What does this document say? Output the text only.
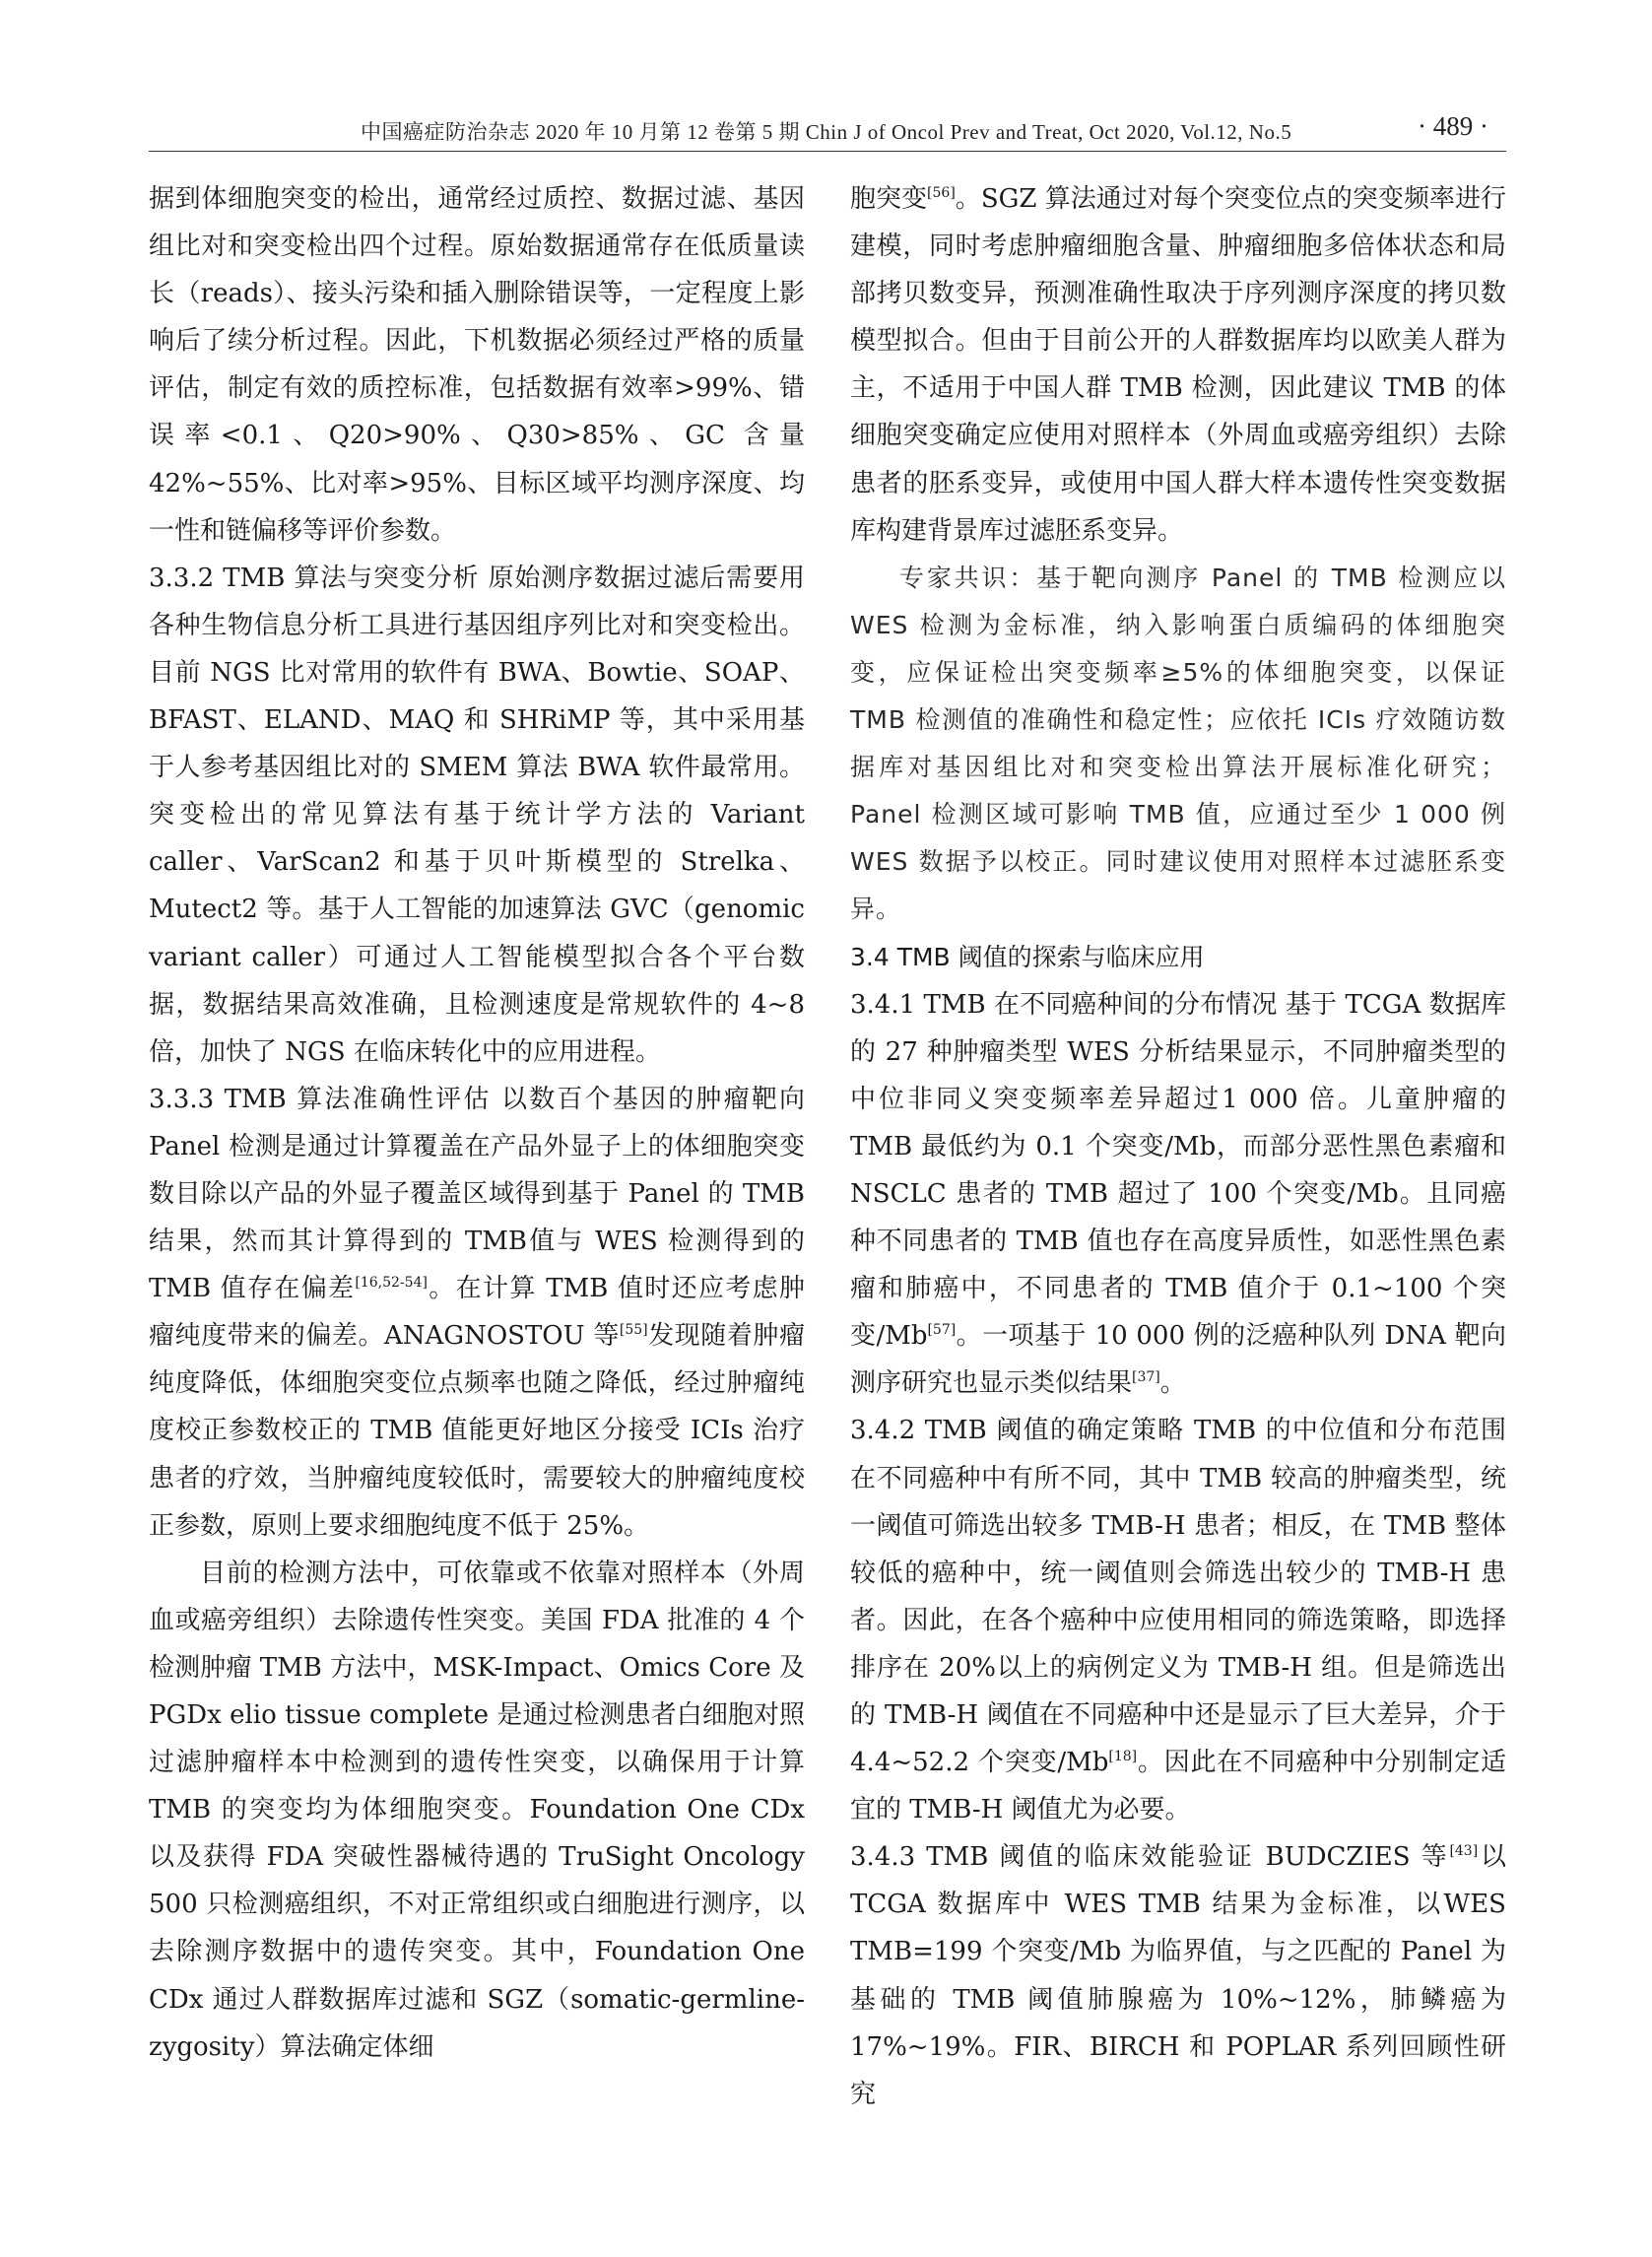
中国癌症防治杂志 2020 年 10 月第 12 卷第 5 期 Chin J of Oncol Prev and Treat, Oct 2020, Vol.12, No.5	· 489 ·

据到体细胞突变的检出，通常经过质控、数据过滤、基因组比对和突变检出四个过程。原始数据通常存在低质量读长（reads）、接头污染和插入删除错误等，一定程度上影响后了续分析过程。因此，下机数据必须经过严格的质量评估，制定有效的质控标准，包括数据有效率>99%、错误率<0.1、Q20>90%、Q30>85%、GC 含量 42%~55%、比对率>95%、目标区域平均测序深度、均一性和链偏移等评价参数。

3.3.2 TMB 算法与突变分析 原始测序数据过滤后需要用各种生物信息分析工具进行基因组序列比对和突变检出。目前 NGS 比对常用的软件有 BWA、Bowtie、SOAP、BFAST、ELAND、MAQ 和 SHRiMP 等，其中采用基于人参考基因组比对的 SMEM 算法 BWA 软件最常用。突变检出的常见算法有基于统计学方法的 Variant caller、VarScan2 和基于贝叶斯模型的 Strelka、Mutect2 等。基于人工智能的加速算法 GVC（genomic variant caller）可通过人工智能模型拟合各个平台数据，数据结果高效准确，且检测速度是常规软件的 4~8 倍，加快了 NGS 在临床转化中的应用进程。

3.3.3 TMB 算法准确性评估 以数百个基因的肿瘤靶向 Panel 检测是通过计算覆盖在产品外显子上的体细胞突变数目除以产品的外显子覆盖区域得到基于 Panel 的 TMB 结果，然而其计算得到的 TMB值与 WES 检测得到的 TMB 值存在偏差[16,52-54]。在计算 TMB 值时还应考虑肿瘤纯度带来的偏差。ANAGNOSTOU 等[55]发现随着肿瘤纯度降低，体细胞突变位点频率也随之降低，经过肿瘤纯度校正参数校正的 TMB 值能更好地区分接受 ICIs 治疗患者的疗效，当肿瘤纯度较低时，需要较大的肿瘤纯度校正参数，原则上要求细胞纯度不低于 25%。

目前的检测方法中，可依靠或不依靠对照样本（外周血或癌旁组织）去除遗传性突变。美国 FDA 批准的 4 个检测肿瘤 TMB 方法中，MSK-Impact、Omics Core 及 PGDx elio tissue complete 是通过检测患者白细胞对照过滤肿瘤样本中检测到的遗传性突变，以确保用于计算 TMB 的突变均为体细胞突变。Foundation One CDx 以及获得 FDA 突破性器械待遇的 TruSight Oncology 500 只检测癌组织，不对正常组织或白细胞进行测序，以去除测序数据中的遗传突变。其中，Foundation One CDx 通过人群数据库过滤和 SGZ（somatic-germline-zygosity）算法确定体细

胞突变[56]。SGZ 算法通过对每个突变位点的突变频率进行建模，同时考虑肿瘤细胞含量、肿瘤细胞多倍体状态和局部拷贝数变异，预测准确性取决于序列测序深度的拷贝数模型拟合。但由于目前公开的人群数据库均以欧美人群为主，不适用于中国人群 TMB 检测，因此建议 TMB 的体细胞突变确定应使用对照样本（外周血或癌旁组织）去除患者的胚系变异，或使用中国人群大样本遗传性突变数据库构建背景库过滤胚系变异。

专家共识：基于靶向测序 Panel 的 TMB 检测应以 WES 检测为金标准，纳入影响蛋白质编码的体细胞突变，应保证检出突变频率≥5%的体细胞突变，以保证 TMB 检测值的准确性和稳定性；应依托 ICIs 疗效随访数据库对基因组比对和突变检出算法开展标准化研究；Panel 检测区域可影响 TMB 值，应通过至少 1 000 例 WES 数据予以校正。同时建议使用对照样本过滤胚系变异。

3.4 TMB 阈值的探索与临床应用

3.4.1 TMB 在不同癌种间的分布情况 基于 TCGA 数据库的 27 种肿瘤类型 WES 分析结果显示，不同肿瘤类型的中位非同义突变频率差异超过1 000 倍。儿童肿瘤的 TMB 最低约为 0.1 个突变/Mb，而部分恶性黑色素瘤和 NSCLC 患者的 TMB 超过了 100 个突变/Mb。且同癌种不同患者的 TMB 值也存在高度异质性，如恶性黑色素瘤和肺癌中，不同患者的 TMB 值介于 0.1~100 个突变/Mb[57]。一项基于 10 000 例的泛癌种队列 DNA 靶向测序研究也显示类似结果[37]。

3.4.2 TMB 阈值的确定策略 TMB 的中位值和分布范围在不同癌种中有所不同，其中 TMB 较高的肿瘤类型，统一阈值可筛选出较多 TMB-H 患者；相反，在 TMB 整体较低的癌种中，统一阈值则会筛选出较少的 TMB-H 患者。因此，在各个癌种中应使用相同的筛选策略，即选择排序在 20%以上的病例定义为 TMB-H 组。但是筛选出的 TMB-H 阈值在不同癌种中还是显示了巨大差异，介于 4.4~52.2 个突变/Mb[18]。因此在不同癌种中分别制定适宜的 TMB-H 阈值尤为必要。

3.4.3 TMB 阈值的临床效能验证 BUDCZIES 等[43]以 TCGA 数据库中 WES TMB 结果为金标准，以WES TMB=199 个突变/Mb 为临界值，与之匹配的 Panel 为基础的 TMB 阈值肺腺癌为 10%~12%，肺鳞癌为 17%~19%。FIR、BIRCH 和 POPLAR 系列回顾性研究
